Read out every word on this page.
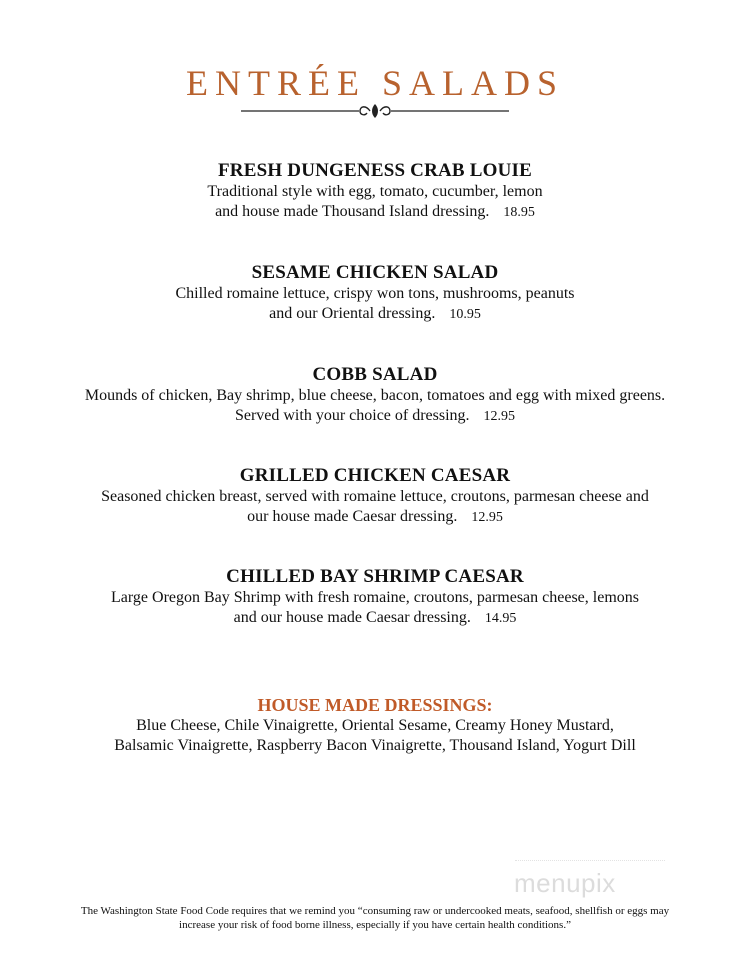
ENTRÉE SALADS
FRESH DUNGENESS CRAB LOUIE
Traditional style with egg, tomato, cucumber, lemon
and house made Thousand Island dressing. 18.95
SESAME CHICKEN SALAD
Chilled romaine lettuce, crispy won tons, mushrooms, peanuts
and our Oriental dressing. 10.95
COBB SALAD
Mounds of chicken, Bay shrimp, blue cheese, bacon, tomatoes and egg with mixed greens.
Served with your choice of dressing. 12.95
GRILLED CHICKEN CAESAR
Seasoned chicken breast, served with romaine lettuce, croutons, parmesan cheese and
our house made Caesar dressing. 12.95
CHILLED BAY SHRIMP CAESAR
Large Oregon Bay Shrimp with fresh romaine, croutons, parmesan cheese, lemons
and our house made Caesar dressing. 14.95
HOUSE MADE DRESSINGS:
Blue Cheese, Chile Vinaigrette, Oriental Sesame, Creamy Honey Mustard,
Balsamic Vinaigrette, Raspberry Bacon Vinaigrette, Thousand Island, Yogurt Dill
menupix
The Washington State Food Code requires that we remind you “consuming raw or undercooked meats, seafood, shellfish or eggs may
increase your risk of food borne illness, especially if you have certain health conditions.”
